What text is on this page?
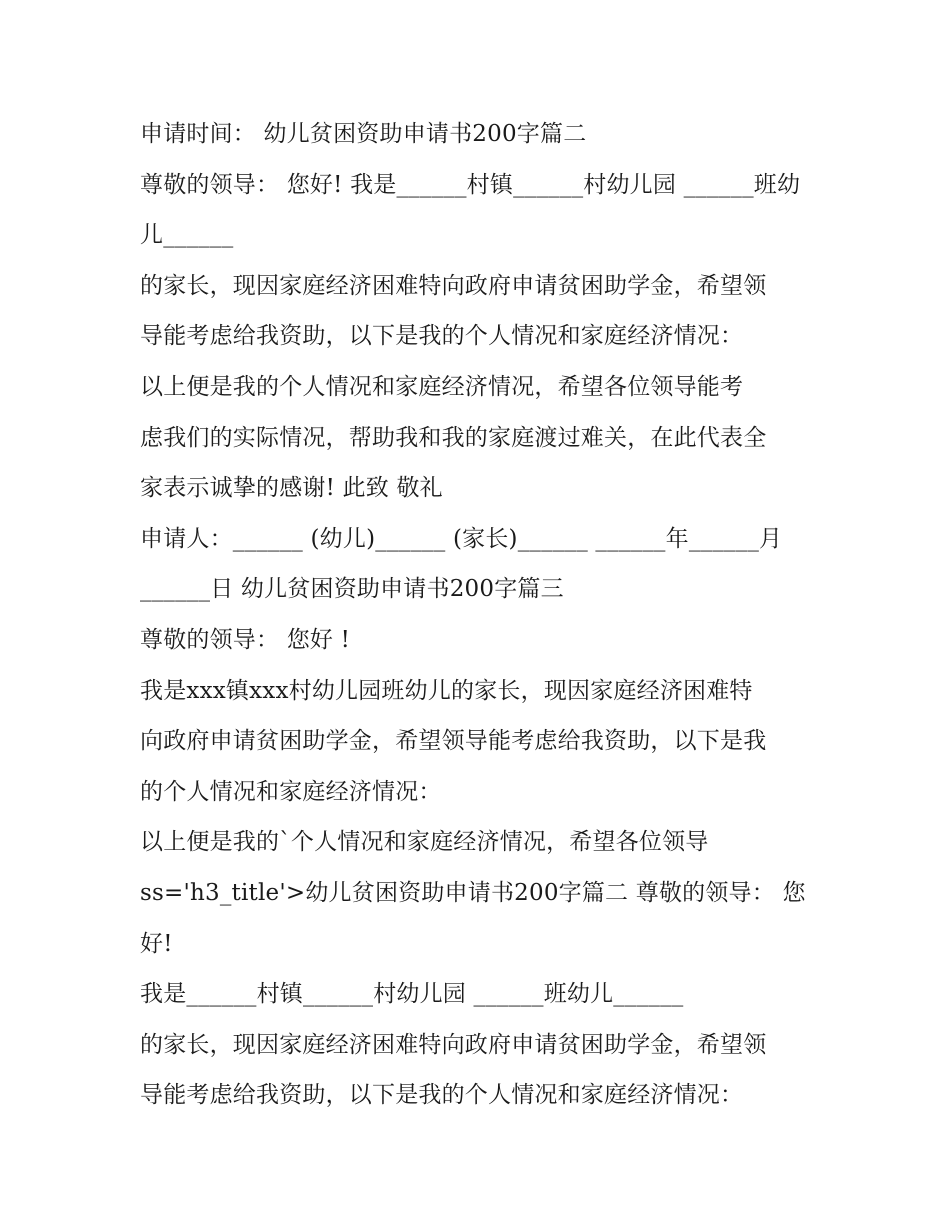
申请时间： 幼儿贫困资助申请书200字篇二
尊敬的领导： 您好! 我是______村镇______村幼儿园 ______班幼
儿______
的家长，现因家庭经济困难特向政府申请贫困助学金，希望领
导能考虑给我资助，以下是我的个人情况和家庭经济情况：
以上便是我的个人情况和家庭经济情况，希望各位领导能考
虑我们的实际情况，帮助我和我的家庭渡过难关，在此代表全
家表示诚挚的感谢! 此致 敬礼
申请人：______ (幼儿)______ (家长)______ ______年______月
______日 幼儿贫困资助申请书200字篇三
尊敬的领导： 您好 !
我是xxx镇xxx村幼儿园班幼儿的家长，现因家庭经济困难特
向政府申请贫困助学金，希望领导能考虑给我资助，以下是我
的个人情况和家庭经济情况：
以上便是我的`个人情况和家庭经济情况，希望各位领导
ss='h3_title'>幼儿贫困资助申请书200字篇二 尊敬的领导： 您
好!
我是______村镇______村幼儿园 ______班幼儿______
的家长，现因家庭经济困难特向政府申请贫困助学金，希望领
导能考虑给我资助，以下是我的个人情况和家庭经济情况：
